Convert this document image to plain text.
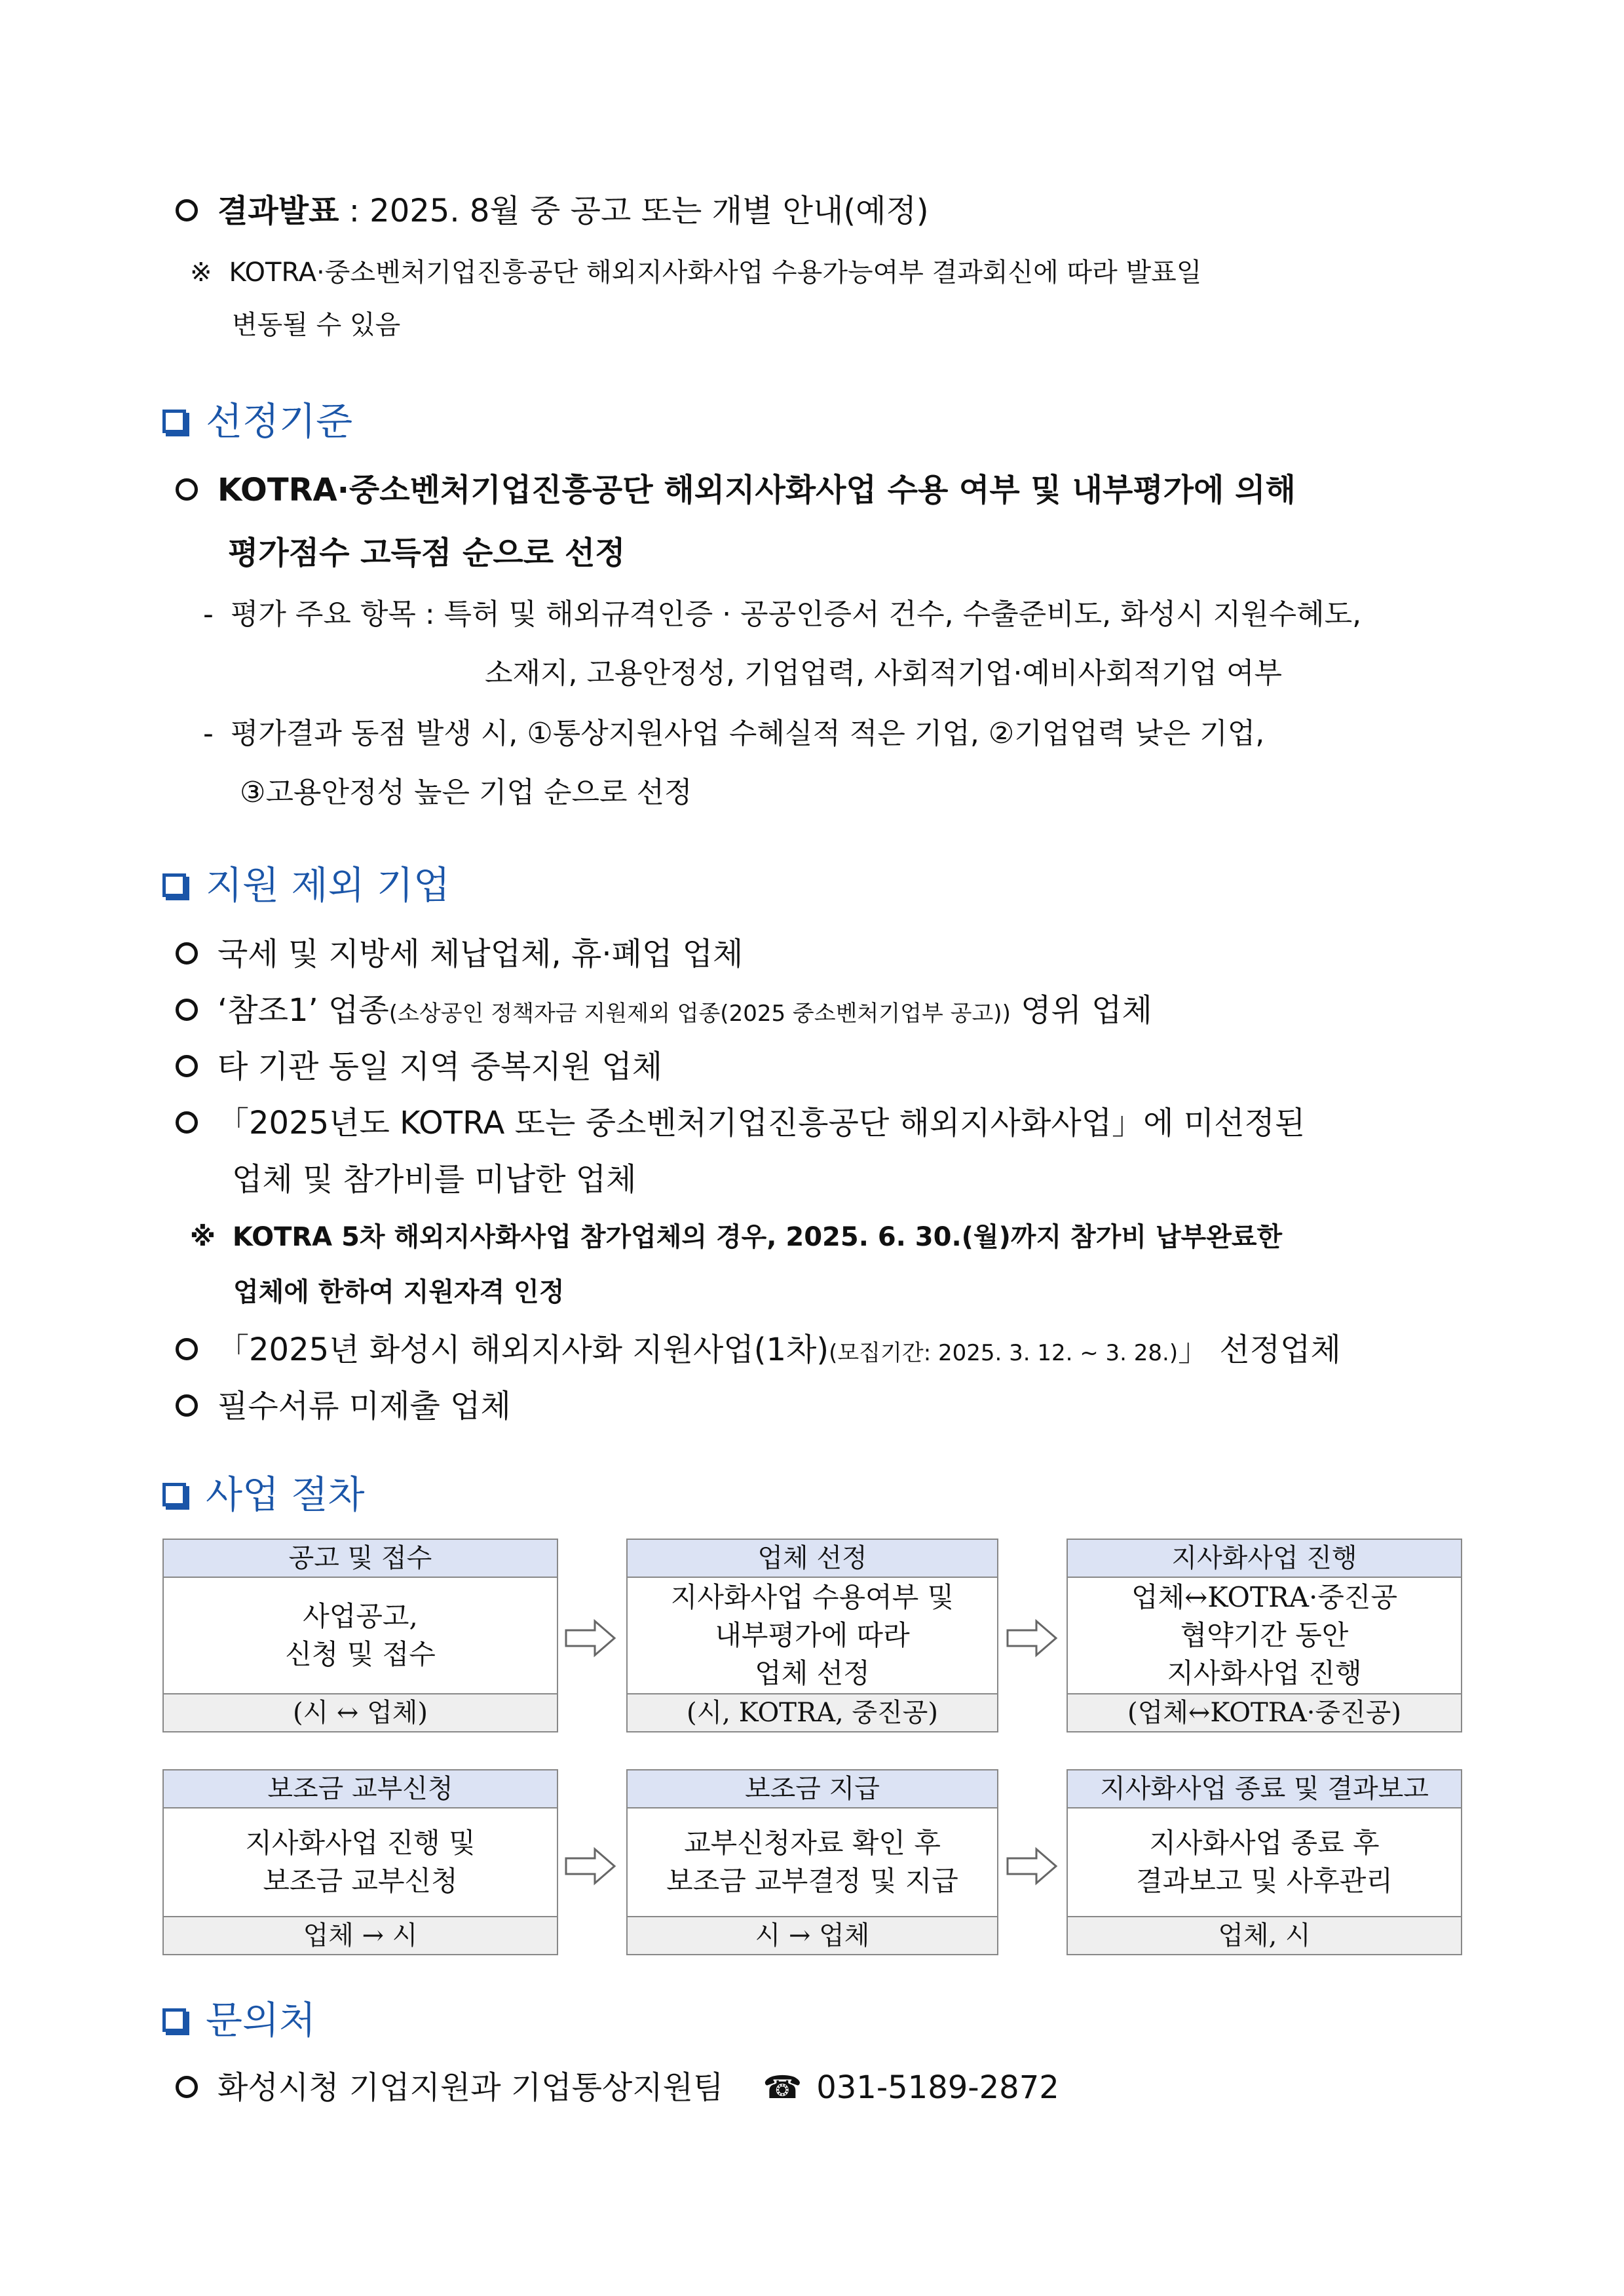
결과발표 : 2025. 8월 중 공고 또는 개별 안내(예정)
※ KOTRA·중소벤처기업진흥공단 해외지사화사업 수용가능여부 결과회신에 따라 발표일
변동될 수 있음
선정기준
KOTRA·중소벤처기업진흥공단 해외지사화사업 수용 여부 및 내부평가에 의해
평가점수 고득점 순으로 선정
- 평가 주요 항목 : 특허 및 해외규격인증 · 공공인증서 건수, 수출준비도, 화성시 지원수혜도,
소재지, 고용안정성, 기업업력, 사회적기업·예비사회적기업 여부
- 평가결과 동점 발생 시, ①통상지원사업 수혜실적 적은 기업, ②기업업력 낮은 기업,
③고용안정성 높은 기업 순으로 선정
지원 제외 기업
국세 및 지방세 체납업체, 휴·폐업 업체
‘참조1’ 업종(소상공인 정책자금 지원제외 업종(2025 중소벤처기업부 공고)) 영위 업체
타 기관 동일 지역 중복지원 업체
「2025년도 KOTRA 또는 중소벤처기업진흥공단 해외지사화사업」에 미선정된
업체 및 참가비를 미납한 업체
※ KOTRA 5차 해외지사화사업 참가업체의 경우, 2025. 6. 30.(월)까지 참가비 납부완료한
업체에 한하여 지원자격 인정
「2025년 화성시 해외지사화 지원사업(1차)(모집기간: 2025. 3. 12. ~ 3. 28.)」 선정업체
필수서류 미제출 업체
사업 절차
공고 및 접수
사업공고,
신청 및 접수
(시 ↔ 업체)
업체 선정
지사화사업 수용여부 및
내부평가에 따라
업체 선정
(시, KOTRA, 중진공)
지사화사업 진행
업체↔KOTRA·중진공
협약기간 동안
지사화사업 진행
(업체↔KOTRA·중진공)
보조금 교부신청
지사화사업 진행 및
보조금 교부신청
업체 → 시
보조금 지급
교부신청자료 확인 후
보조금 교부결정 및 지급
시 → 업체
지사화사업 종료 및 결과보고
지사화사업 종료 후
결과보고 및 사후관리
업체, 시
문의처
화성시청 기업지원과 기업통상지원팀 ☎ 031-5189-2872
